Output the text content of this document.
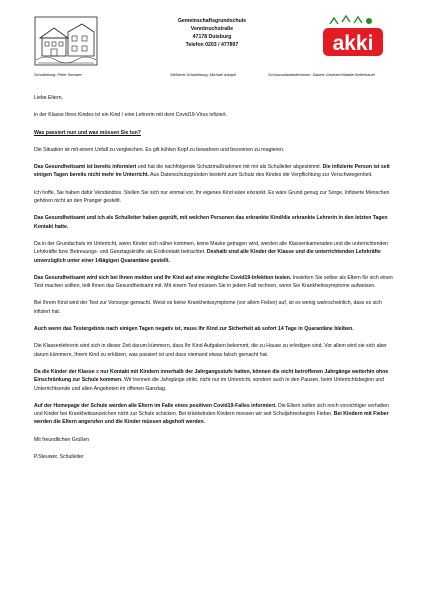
Gemeinschaftsgrundschule
Vennbruchstraße
47178 Duisburg
Telefon 0203 / 477897	akki
Schulleitung: Peter Steuwer	Stellvertr.Schulleitung: Michael Adolph	Schulsozialarbeiterinnen: Sabine Gruetzer/Natalie Bollerhauer

Liebe Eltern,

in der Klasse Ihres Kindes ist ein Kind / eine Lehrerin mit dem Covid19-Virus infiziert.

Was passiert nun und was müssen Sie tun?

Die Situation ist mit einem Unfall zu vergleichen. Es gilt kühlen Kopf zu bewahren und besonnen zu reagieren.

Das Gesundheitsamt ist bereits informiert und hat die nachfolgende Schutzmaßnahmen mit mir als Schulleiter abgestimmt. Die infizierte Person ist seit einigen Tagen bereits nicht mehr im Unterricht. Aus Datenschutzgründen besteht zum Schutz des Kindes die Verpflichtung zur Verschwiegenheit.

Ich hoffe, Sie haben dafür Verständnis. Stellen Sie sich nur einmal vor, Ihr eigenes Kind wäre erkrankt. Es wäre Grund genug zur Sorge. Infizierte Menschen gehören nicht an den Pranger gestellt.

Das Gesundheitsamt und ich als Schulleiter haben geprüft, mit welchen Personen das erkrankte Kind/die erkrankte Lehrerin in den letzten Tagen Kontakt hatte.

Da in der Grundschule im Unterricht, wenn Kinder sich näher kommen, keine Maske getragen wird, werden alle Klassenkameraden und die unterrichtenden Lehrkräfte bzw. Betreuungs- und Ganztagskräfte als Erstkontakt betrachtet. Deshalb sind alle Kinder der Klasse und die unterrichtenden Lehrkräfte unverzüglich unter einer 14tägigen Quarantäne gestellt.

Das Gesundheitsamt wird sich bei Ihnen melden und Ihr Kind auf eine mögliche Covid19-Infektion testen. Inwiefern Sie selber als Eltern für sich einen Test machen sollten, teilt Ihnen das Gesundheitsamt mit. Mit einem Test müssen Sie in jedem Fall rechnen, wenn Sie Krankheitssymptome aufweisen.

Bei Ihrem Kind wird der Test zur Vorsorge gemacht. Weist es keine Krankheitssymptome (vor allem Fieber) auf, ist es wenig wahrscheinlich, dass es sich infiziert hat.

Auch wenn das Testergebnis nach einigen Tagen negativ ist, muss Ihr Kind zur Sicherheit ab sofort 14 Tage in Quarantäne bleiben.

Die Klassenlehrerin wird sich in dieser Zeit darum kümmern, dass Ihr Kind Aufgaben bekommt, die zu Hause zu erledigen sind. Vor allem wird sie sich aber darum kümmern, Ihrem Kind zu erklären, was passiert ist und dass niemand etwas falsch gemacht hat.

Da die Kinder der Klasse x nur Kontakt mit Kindern innerhalb der Jahrgangsstufe hatten, können die nicht betroffenen Jahrgänge weiterhin ohne Einschränkung zur Schule kommen. Wir trennen die Jahrgänge strikt, nicht nur im Unterricht, sondern auch in den Pausen, beim Unterrichtsbeginn und Unterrichtsende und allen Angeboten im offenen Ganztag.

Auf der Homepage der Schule werden alle Eltern im Falle eines positiven Covid19-Falles informiert. Die Eltern sollen sich noch vorsichtiger verhalten und Kinder bei Krankheitsanzeichen nicht zur Schule schicken. Bei kränkelnden Kindern messen wir seit Schuljahresbeginn Fieber. Bei Kindern mit Fieber werden die Eltern angerufen und die Kinder müssen abgeholt werden.

Mit freundlichen Grüßen

P.Steuwer, Schulleiter
